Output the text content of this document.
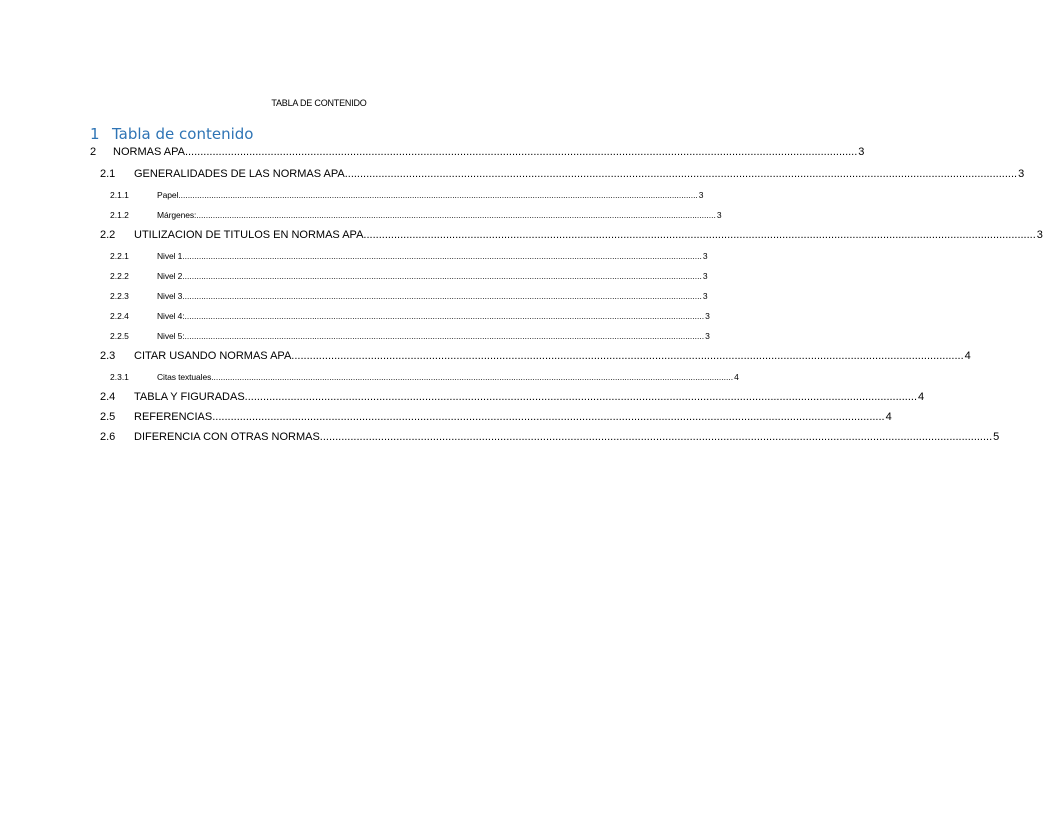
TABLA DE CONTENIDO
1 Tabla de contenido
2	NORMAS APA ............................................................................................................................................................................................................................ 3
2.1	GENERALIDADES DE LAS NORMAS APA ............................................................................................................................................................................................................................ 3
2.1.1	Papel ............................................................................................................................................................................................................................ 3
2.1.2	Márgenes: ............................................................................................................................................................................................................................ 3
2.2	UTILIZACION DE TITULOS EN NORMAS APA ............................................................................................................................................................................................................................ 3
2.2.1	Nivel 1 ............................................................................................................................................................................................................................ 3
2.2.2	Nivel 2 ............................................................................................................................................................................................................................ 3
2.2.3	Nivel 3 ............................................................................................................................................................................................................................ 3
2.2.4	Nivel 4: ............................................................................................................................................................................................................................ 3
2.2.5	Nivel 5: ............................................................................................................................................................................................................................ 3
2.3	CITAR USANDO NORMAS APA ............................................................................................................................................................................................................................ 4
2.3.1	Citas textuales. ............................................................................................................................................................................................................................ 4
2.4	TABLA Y FIGURADAS ............................................................................................................................................................................................................................ 4
2.5	REFERENCIAS ............................................................................................................................................................................................................................ 4
2.6	DIFERENCIA CON OTRAS NORMAS ............................................................................................................................................................................................................................ 5
